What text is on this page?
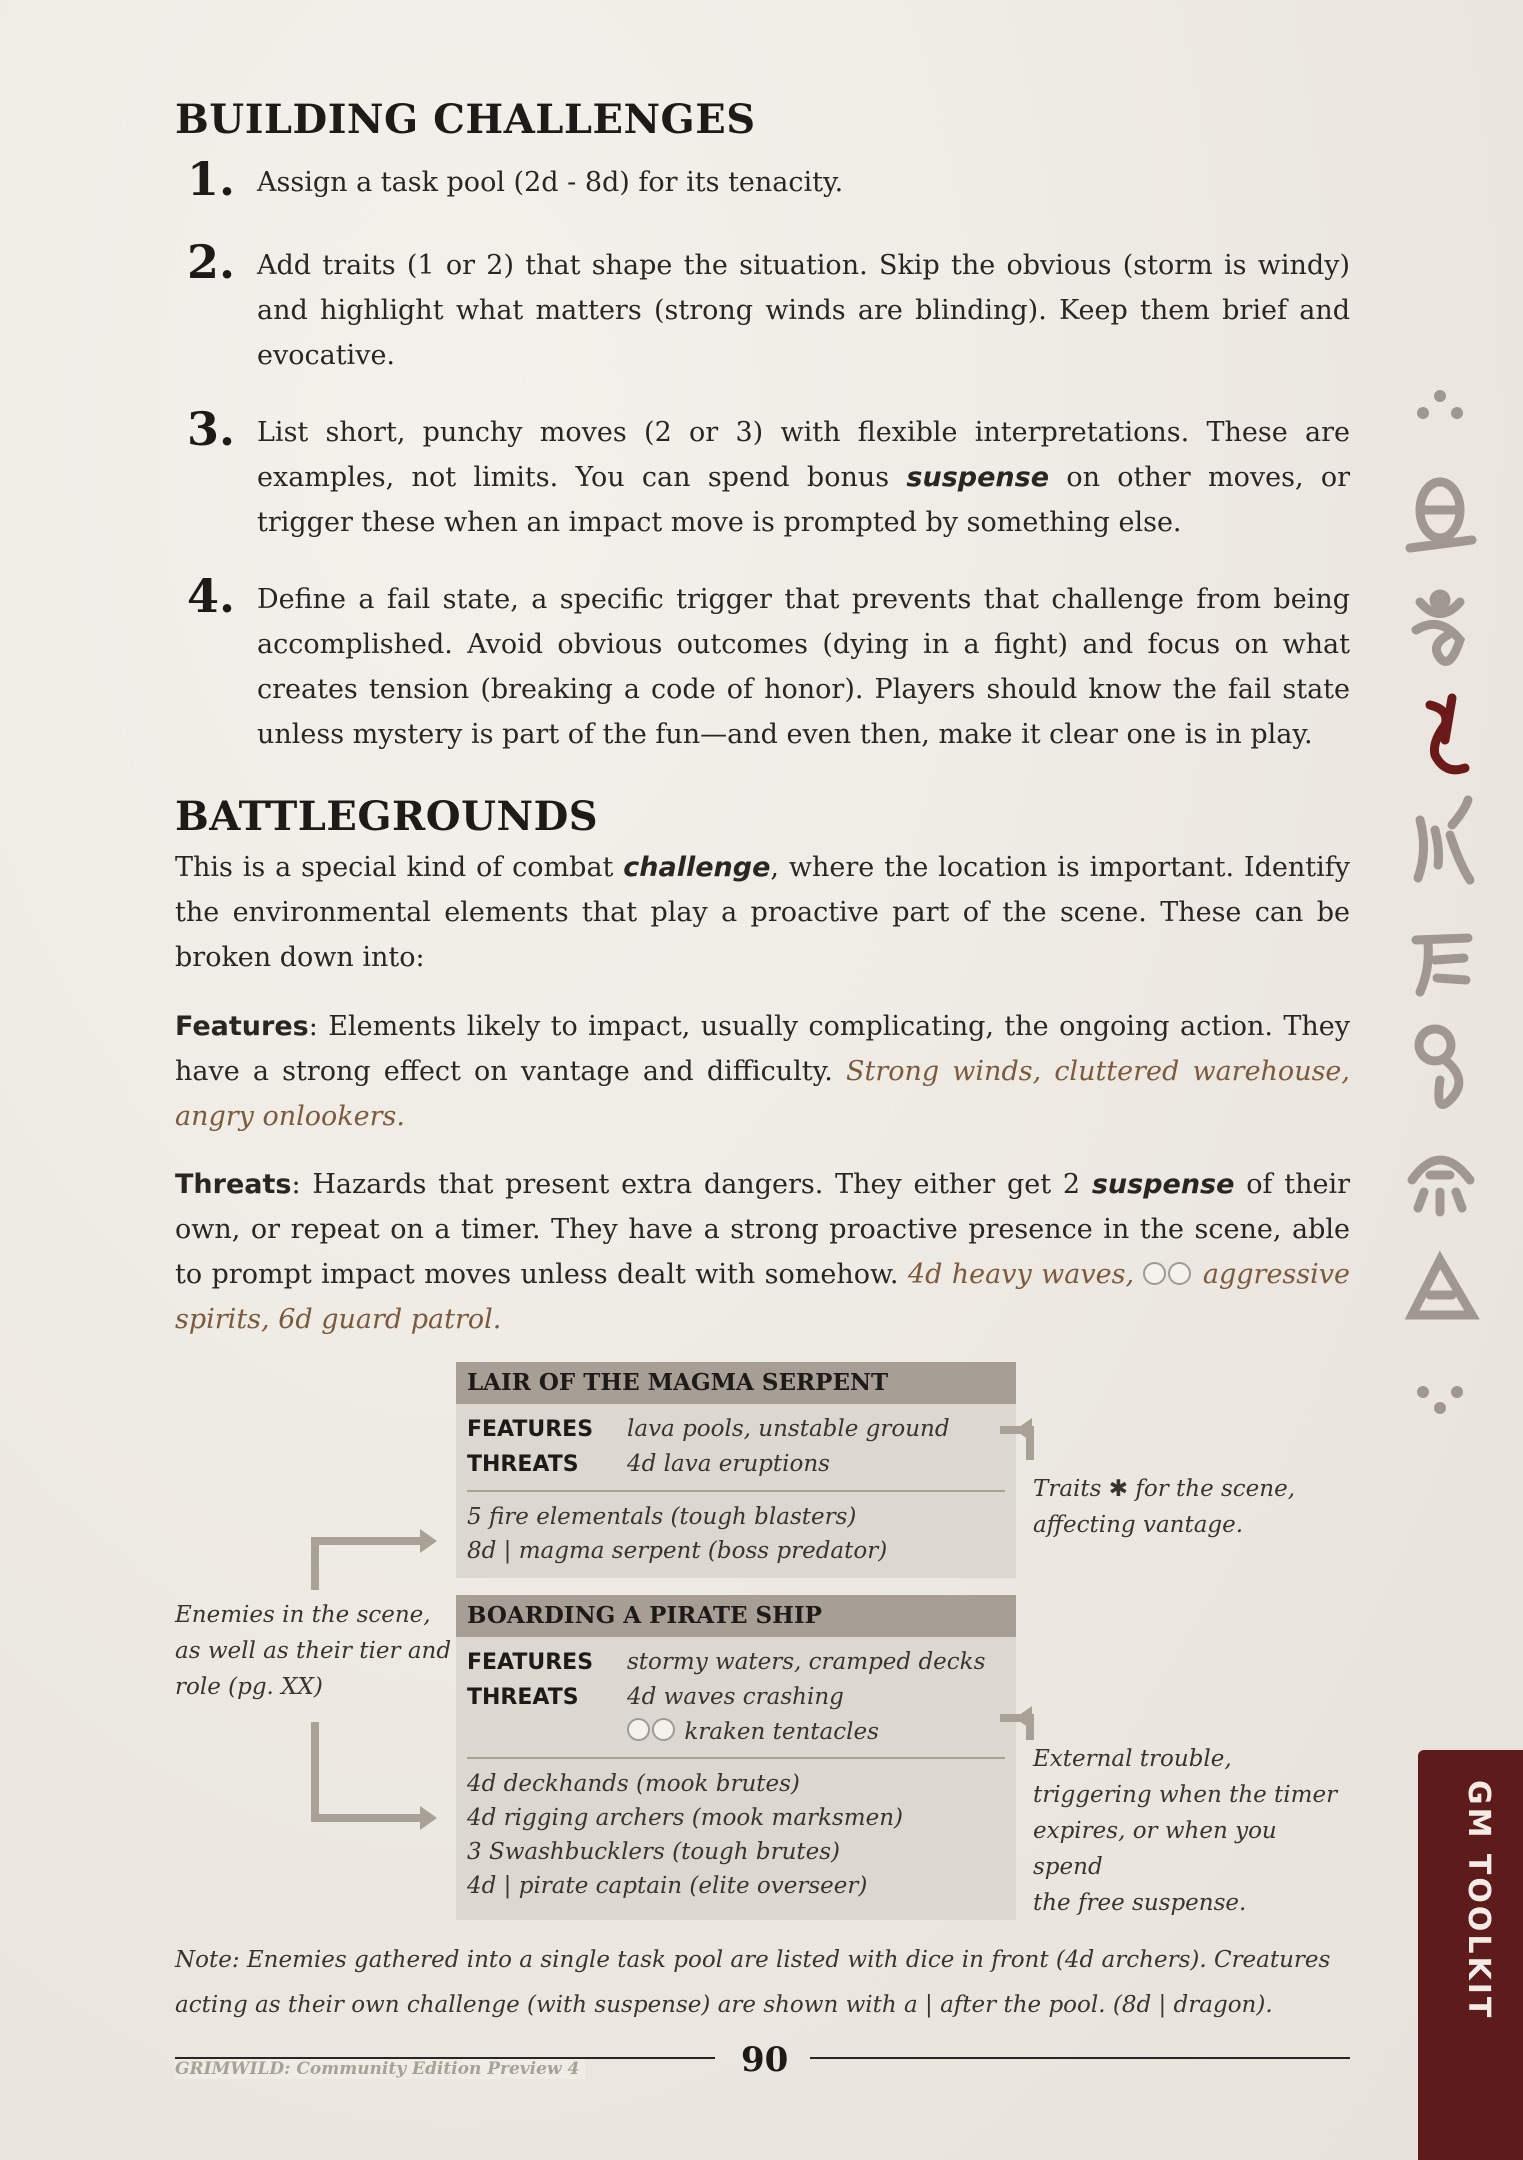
BUILDING CHALLENGES
1. Assign a task pool (2d - 8d) for its tenacity.
2. Add traits (1 or 2) that shape the situation. Skip the obvious (storm is windy) and highlight what matters (strong winds are blinding). Keep them brief and evocative.
3. List short, punchy moves (2 or 3) with flexible interpretations. These are examples, not limits. You can spend bonus suspense on other moves, or trigger these when an impact move is prompted by something else.
4. Define a fail state, a specific trigger that prevents that challenge from being accomplished. Avoid obvious outcomes (dying in a fight) and focus on what creates tension (breaking a code of honor). Players should know the fail state unless mystery is part of the fun—and even then, make it clear one is in play.
BATTLEGROUNDS
This is a special kind of combat challenge, where the location is important. Identify the environmental elements that play a proactive part of the scene. These can be broken down into:
Features: Elements likely to impact, usually complicating, the ongoing action. They have a strong effect on vantage and difficulty. Strong winds, cluttered warehouse, angry onlookers.
Threats: Hazards that present extra dangers. They either get 2 suspense of their own, or repeat on a timer. They have a strong proactive presence in the scene, able to prompt impact moves unless dealt with somehow. 4d heavy waves,  aggressive spirits, 6d guard patrol.
LAIR OF THE MAGMA SERPENT
FEATURES lava pools, unstable ground
THREATS 4d lava eruptions
5 fire elementals (tough blasters)
8d | magma serpent (boss predator)
BOARDING A PIRATE SHIP
FEATURES stormy waters, cramped decks
THREATS 4d waves crashing
kraken tentacles
4d deckhands (mook brutes)
4d rigging archers (mook marksmen)
3 Swashbucklers (tough brutes)
4d | pirate captain (elite overseer)
Traits ✱ for the scene,
affecting vantage.
Enemies in the scene,
as well as their tier and
role (pg. XX)
External trouble,
triggering when the timer
expires, or when you spend
the free suspense.
Note: Enemies gathered into a single task pool are listed with dice in front (4d archers). Creatures acting as their own challenge (with suspense) are shown with a | after the pool. (8d | dragon).
GRIMWILD: Community Edition Preview 4	90
GM TOOLKIT
